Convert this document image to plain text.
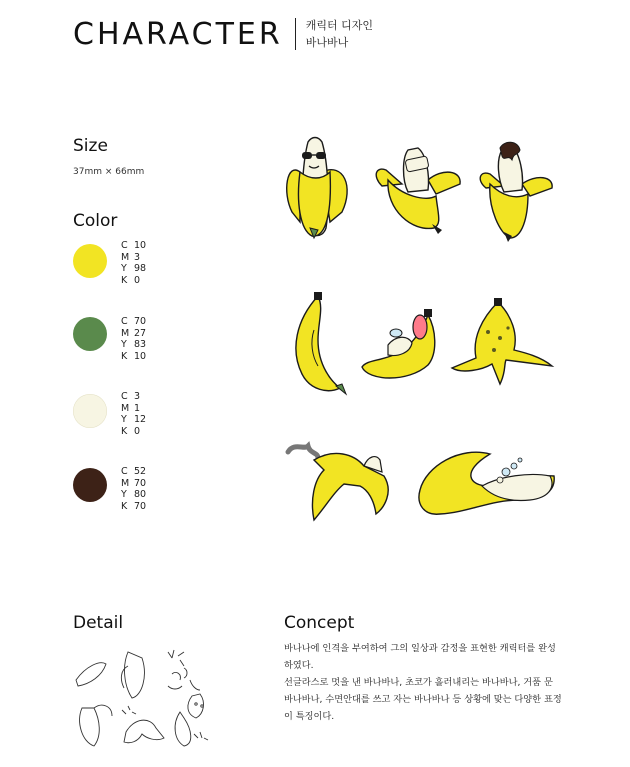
CHARACTER 캐릭터 디자인
바나바나
Size
37mm × 66mm
Color
C 10
M 3
Y 98
K 0
C 70
M 27
Y 83
K 10
C 3
M 1
Y 12
K 0
C 52
M 70
Y 80
K 70
Detail	Concept
바나나에 인격을 부여하여 그의 일상과 감정을 표현한 캐릭터를 완성
하였다.
선글라스로 멋을 낸 바나바나, 초코가 흘러내리는 바나바나, 거품 문
바나바나, 수면안대를 쓰고 자는 바나바나 등 상황에 맞는 다양한 표정
이 특징이다.
